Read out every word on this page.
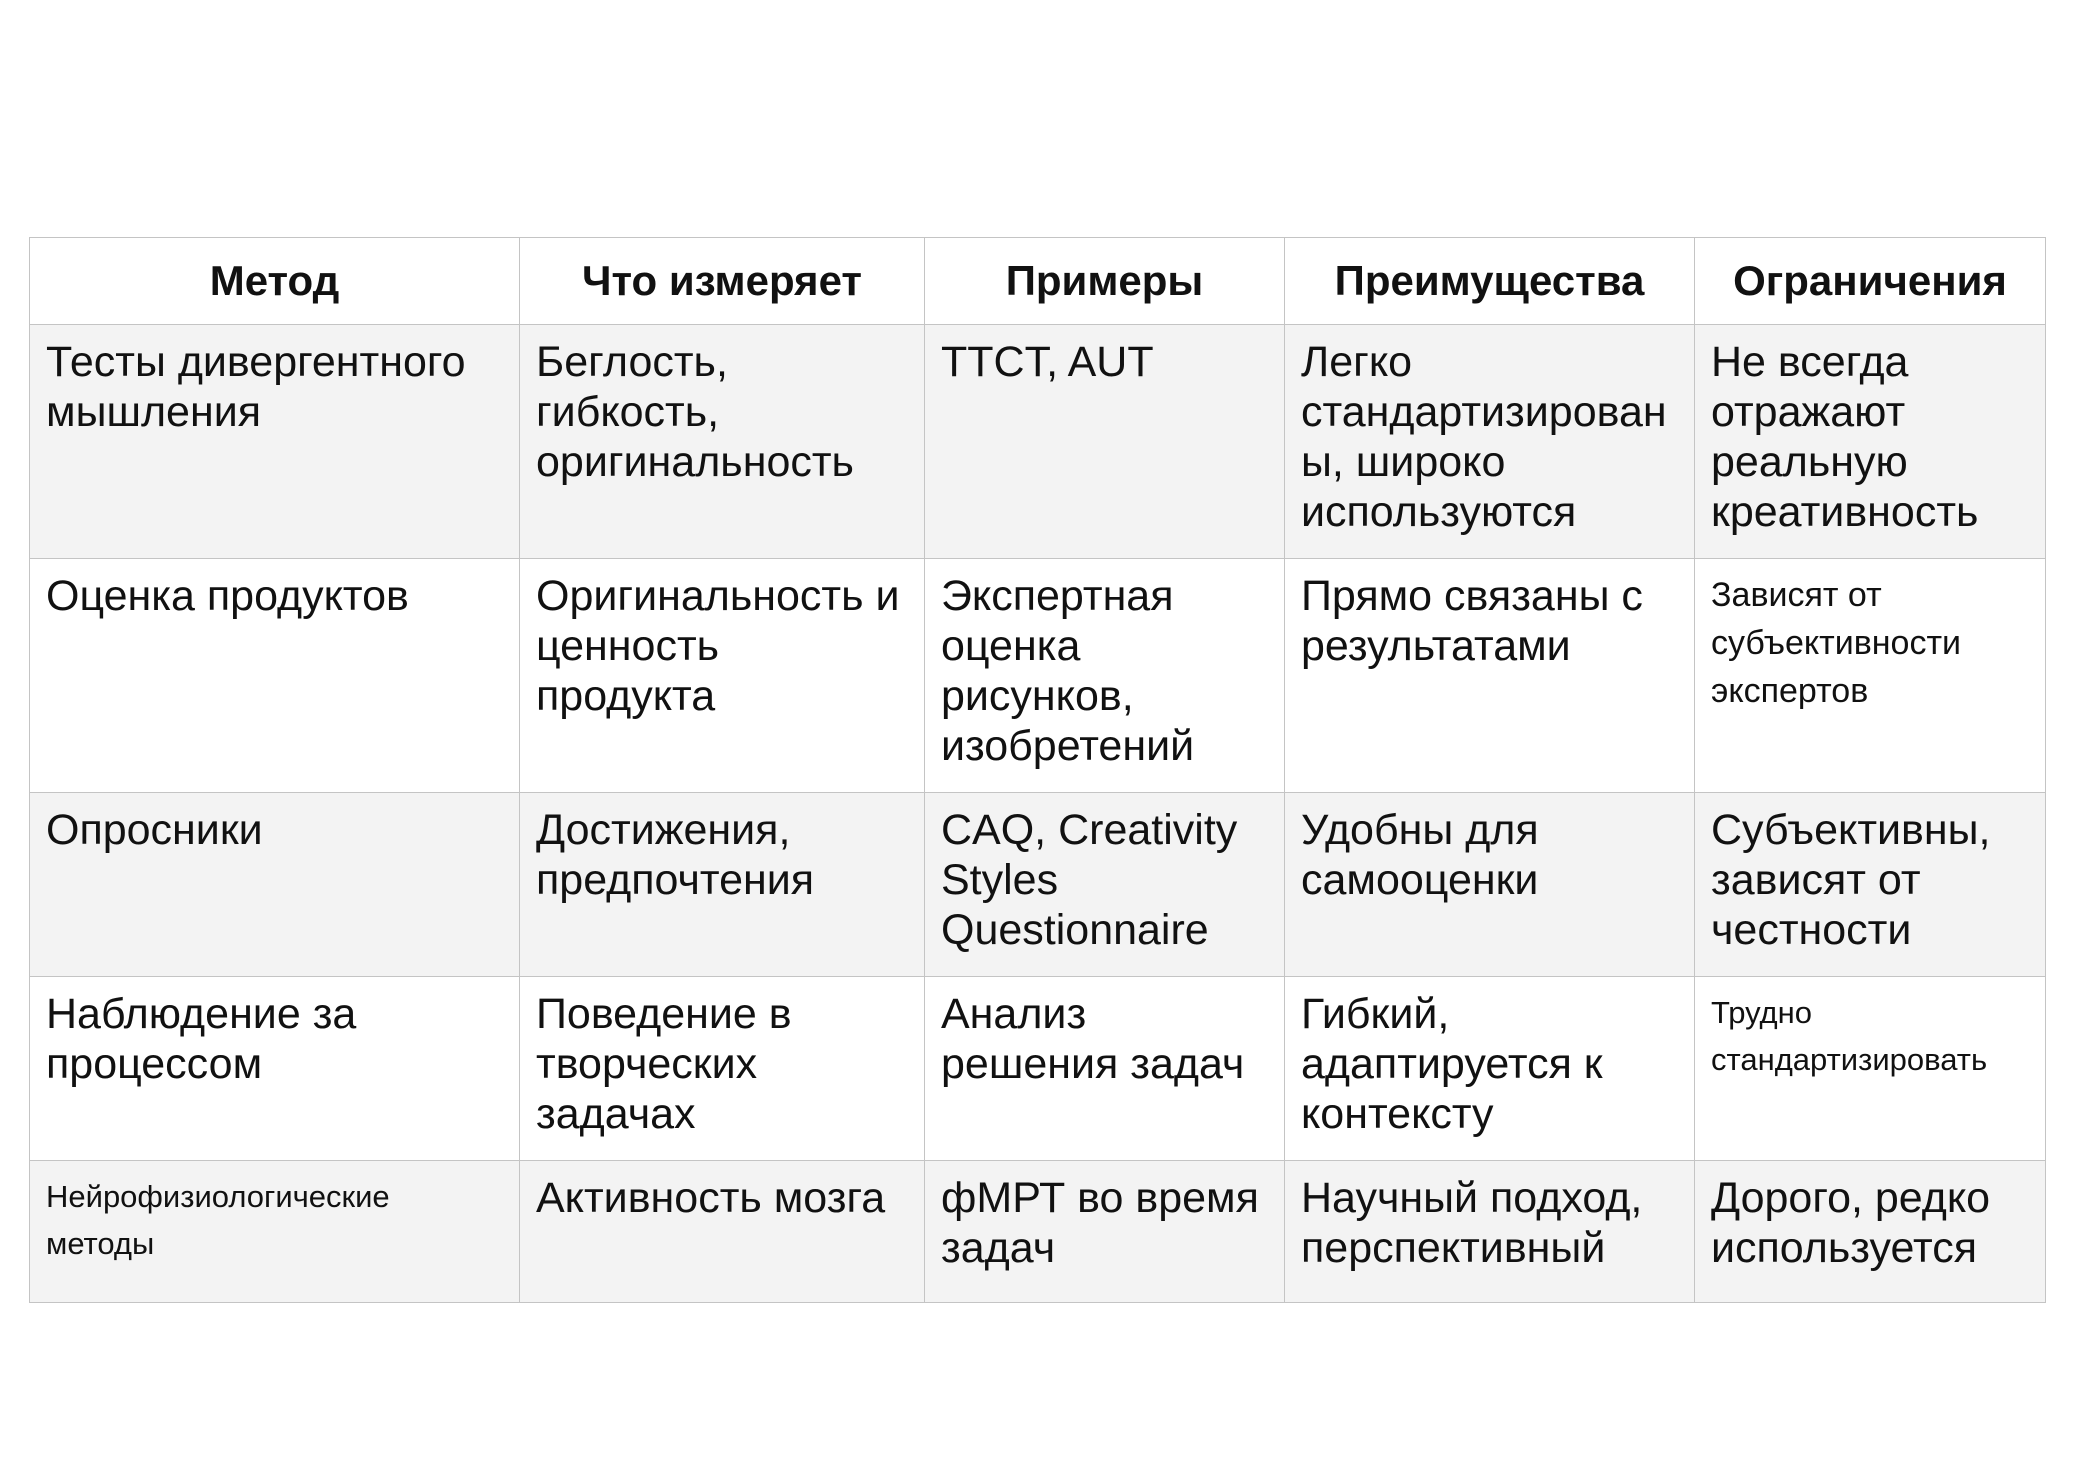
Метод	Что измеряет	Примеры	Преимущества	Ограничения
Тесты дивергентного мышления	Беглость, гибкость, оригинальность	TTCT, AUT	Легко стандартизированы, широко используются	Не всегда отражают реальную креативность
Оценка продуктов	Оригинальность и ценность продукта	Экспертная оценка рисунков, изобретений	Прямо связаны с результатами	Зависят от субъективности экспертов
Опросники	Достижения, предпочтения	CAQ, Creativity Styles Questionnaire	Удобны для самооценки	Субъективны, зависят от честности
Наблюдение за процессом	Поведение в творческих задачах	Анализ решения задач	Гибкий, адаптируется к контексту	Трудно стандартизировать
Нейрофизиологические методы	Активность мозга	фМРТ во время задач	Научный подход, перспективный	Дорого, редко используется
